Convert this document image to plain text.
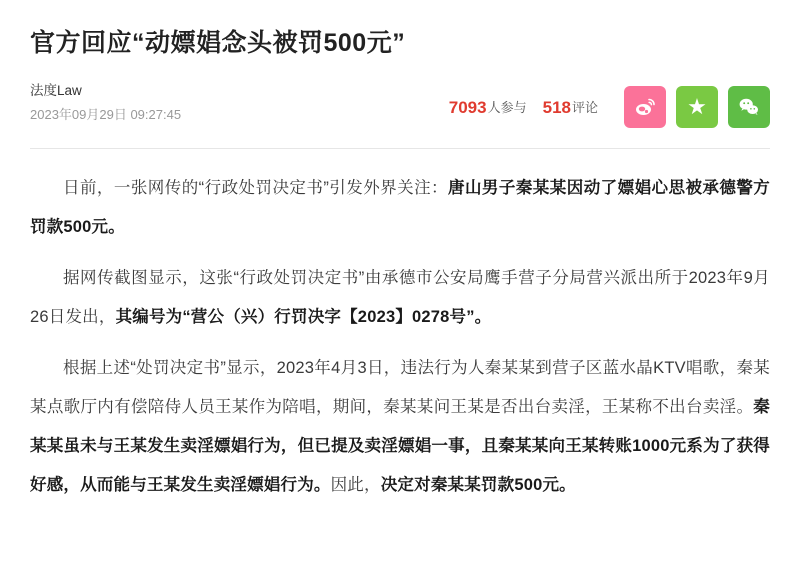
官方回应“动嫖娼念头被罚500元”
法度Law
2023年09月29日 09:27:45	7093人参与 518评论	★

日前，一张网传的“行政处罚决定书”引发外界关注：唐山男子秦某某因动了嫖娼心思被承德警方罚款500元。

据网传截图显示，这张“行政处罚决定书”由承德市公安局鹰手营子分局营兴派出所于2023年9月26日发出，其编号为“营公（兴）行罚决字【2023】0278号”。

根据上述“处罚决定书”显示，2023年4月3日，违法行为人秦某某到营子区蓝水晶KTV唱歌，秦某某点歌厅内有偿陪侍人员王某作为陪唱，期间，秦某某问王某是否出台卖淫，王某称不出台卖淫。秦某某虽未与王某发生卖淫嫖娼行为，但已提及卖淫嫖娼一事，且秦某某向王某转账1000元系为了获得好感，从而能与王某发生卖淫嫖娼行为。因此，决定对秦某某罚款500元。
